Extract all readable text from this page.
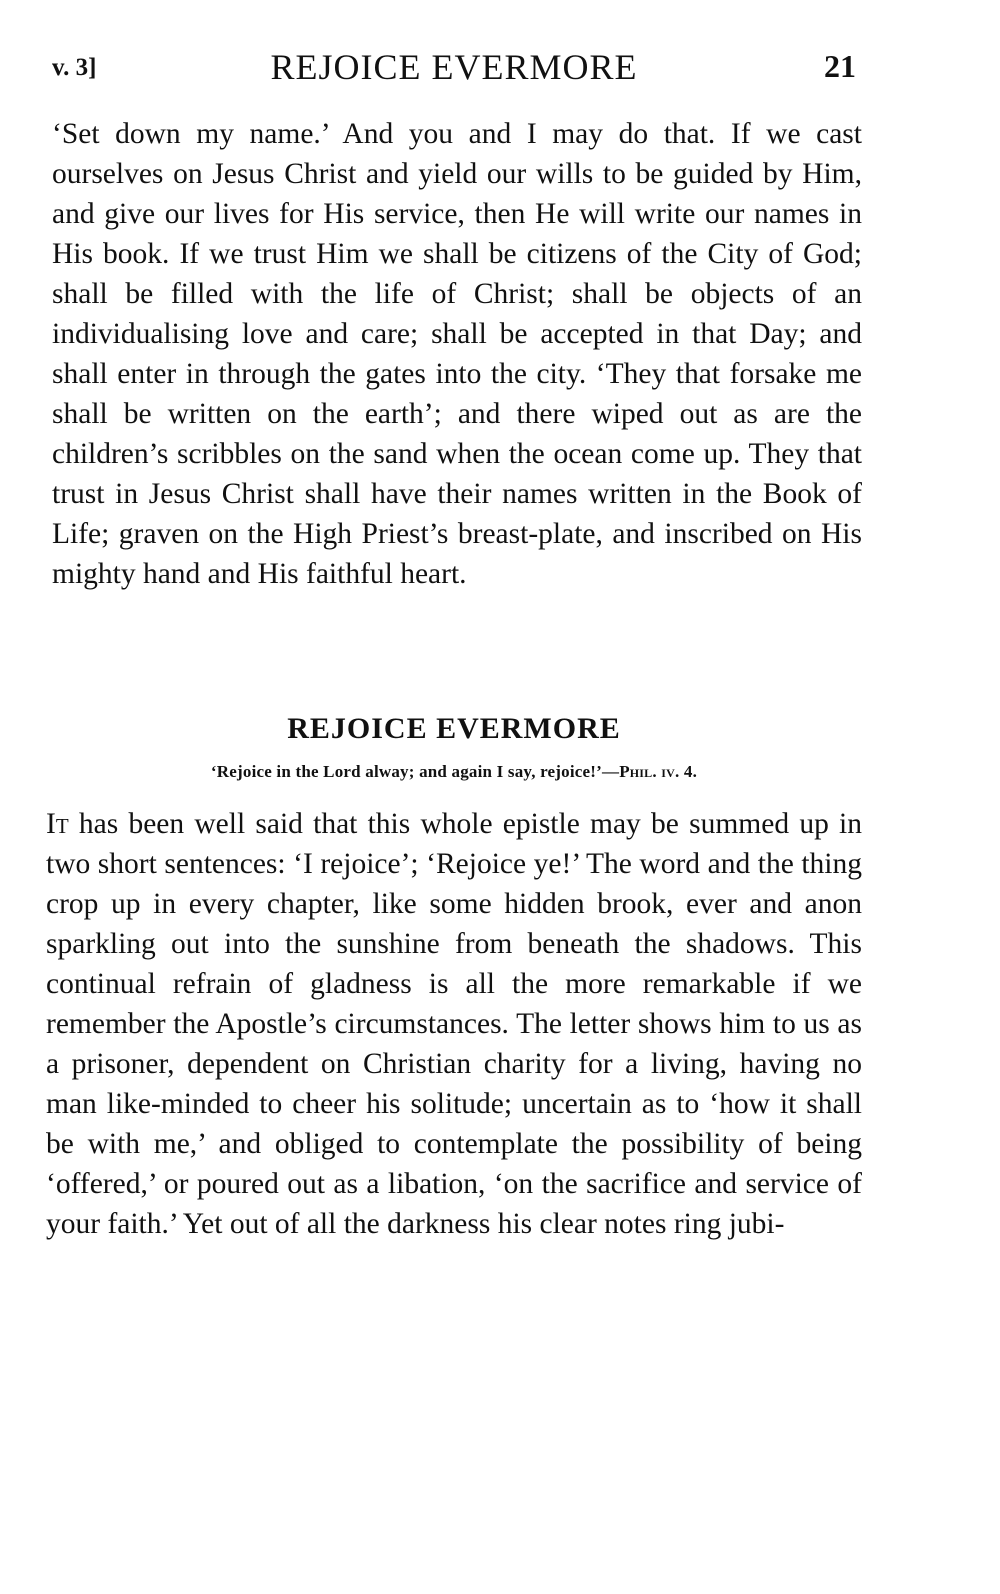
v. 3]	REJOICE EVERMORE	21

‘Set down my name.’ And you and I may do that. If we cast ourselves on Jesus Christ and yield our wills to be guided by Him, and give our lives for His service, then He will write our names in His book. If we trust Him we shall be citizens of the City of God; shall be filled with the life of Christ; shall be objects of an individualising love and care; shall be accepted in that Day; and shall enter in through the gates into the city. ‘They that forsake me shall be written on the earth’; and there wiped out as are the children’s scribbles on the sand when the ocean come up. They that trust in Jesus Christ shall have their names written in the Book of Life; graven on the High Priest’s breast-plate, and inscribed on His mighty hand and His faithful heart.

REJOICE EVERMORE

‘Rejoice in the Lord alway; and again I say, rejoice!’—Phil. iv. 4.

It has been well said that this whole epistle may be summed up in two short sentences: ‘I rejoice’; ‘Rejoice ye!’ The word and the thing crop up in every chapter, like some hidden brook, ever and anon sparkling out into the sunshine from beneath the shadows. This continual refrain of gladness is all the more remarkable if we remember the Apostle’s circumstances. The letter shows him to us as a prisoner, dependent on Christian charity for a living, having no man like-minded to cheer his solitude; uncertain as to ‘how it shall be with me,’ and obliged to contemplate the possibility of being ‘offered,’ or poured out as a libation, ‘on the sacrifice and service of your faith.’ Yet out of all the darkness his clear notes ring jubi-
